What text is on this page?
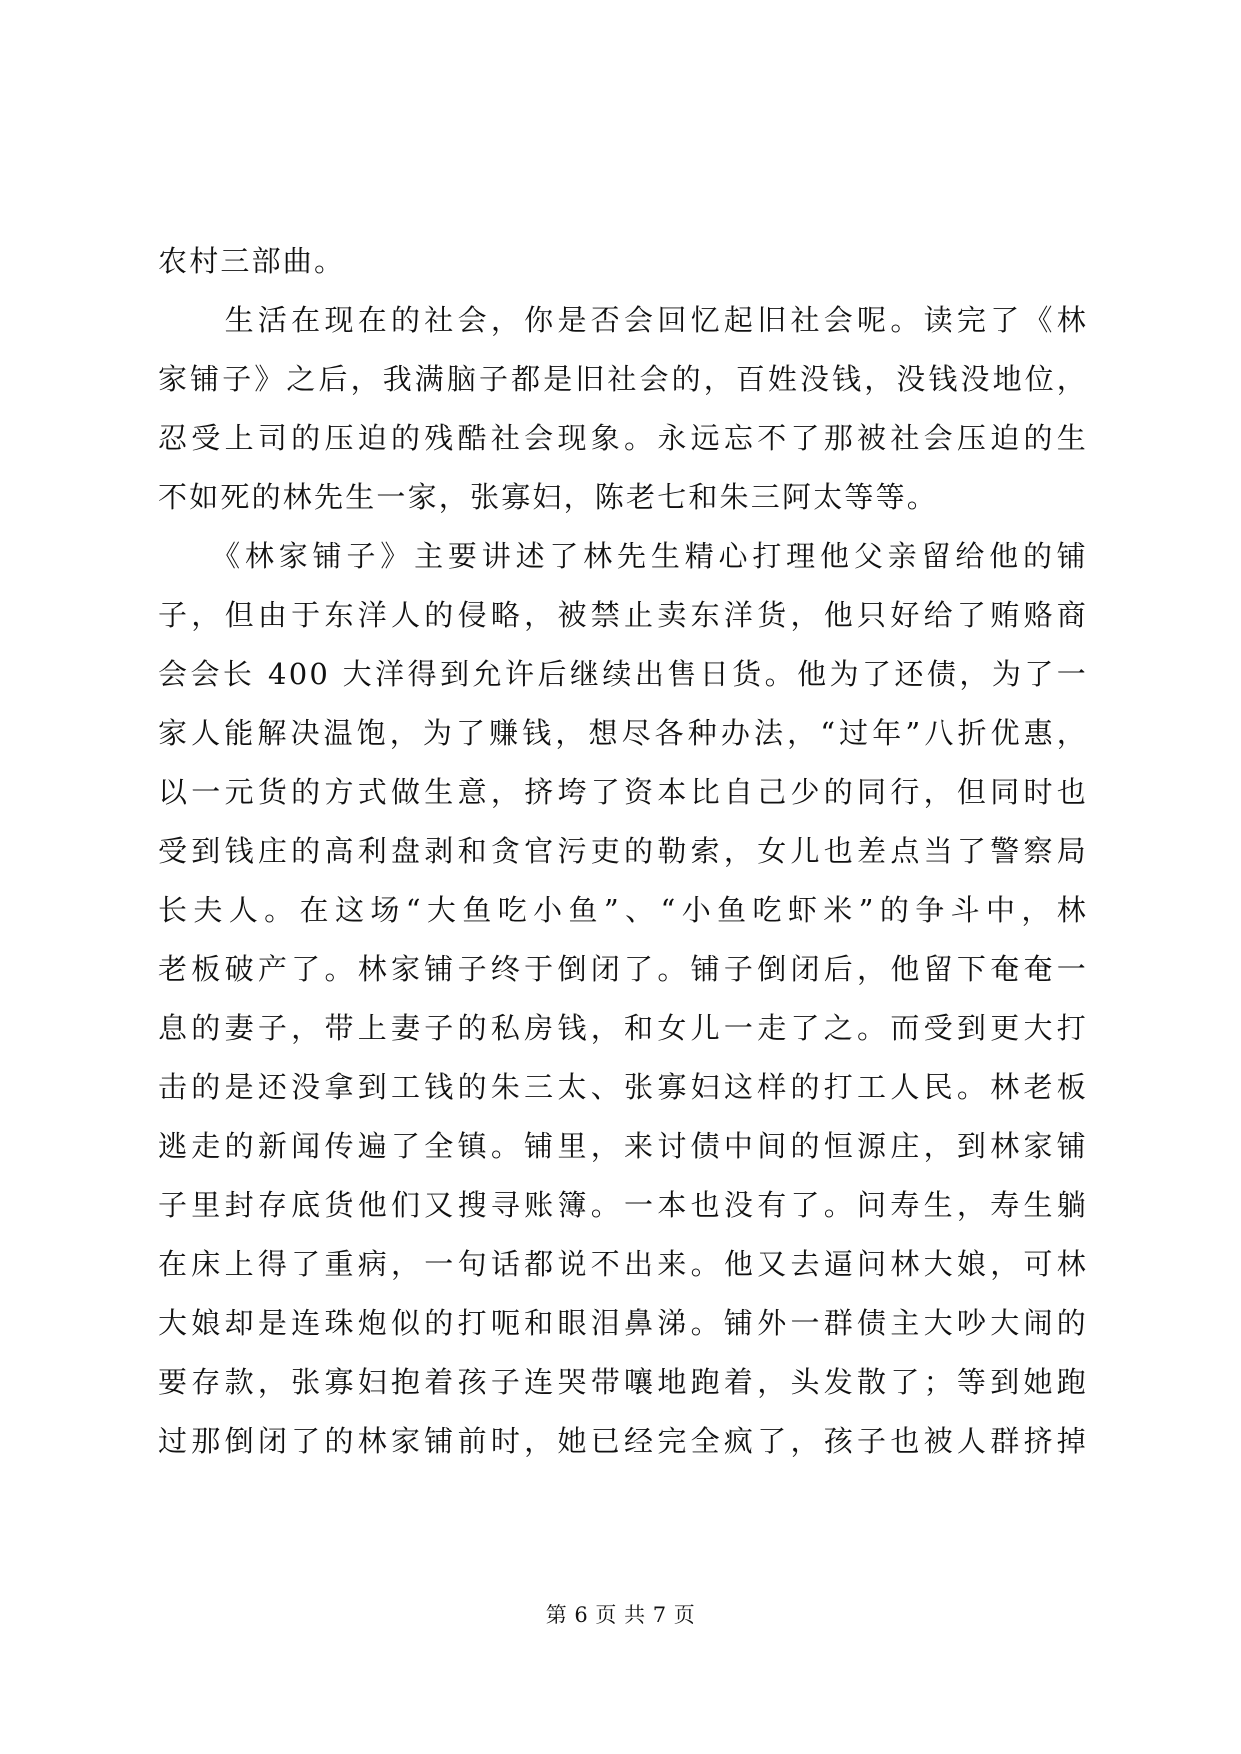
农村三部曲。
　　生活在现在的社会，你是否会回忆起旧社会呢。读完了《林
家铺子》之后，我满脑子都是旧社会的，百姓没钱，没钱没地位，
忍受上司的压迫的残酷社会现象。永远忘不了那被社会压迫的生
不如死的林先生一家，张寡妇，陈老七和朱三阿太等等。
　　《林家铺子》主要讲述了林先生精心打理他父亲留给他的铺
子，但由于东洋人的侵略，被禁止卖东洋货，他只好给了贿赂商
会会长 400 大洋得到允许后继续出售日货。他为了还债，为了一
家人能解决温饱，为了赚钱，想尽各种办法，“过年”八折优惠，
以一元货的方式做生意，挤垮了资本比自己少的同行，但同时也
受到钱庄的高利盘剥和贪官污吏的勒索，女儿也差点当了警察局
长夫人。在这场“大鱼吃小鱼”、“小鱼吃虾米”的争斗中，林
老板破产了。林家铺子终于倒闭了。铺子倒闭后，他留下奄奄一
息的妻子，带上妻子的私房钱，和女儿一走了之。而受到更大打
击的是还没拿到工钱的朱三太、张寡妇这样的打工人民。林老板
逃走的新闻传遍了全镇。铺里，来讨债中间的恒源庄，到林家铺
子里封存底货他们又搜寻账簿。一本也没有了。问寿生，寿生躺
在床上得了重病，一句话都说不出来。他又去逼问林大娘，可林
大娘却是连珠炮似的打呃和眼泪鼻涕。铺外一群债主大吵大闹的
要存款，张寡妇抱着孩子连哭带嚷地跑着，头发散了；等到她跑
过那倒闭了的林家铺前时，她已经完全疯了，孩子也被人群挤掉
第 6 页 共 7 页
